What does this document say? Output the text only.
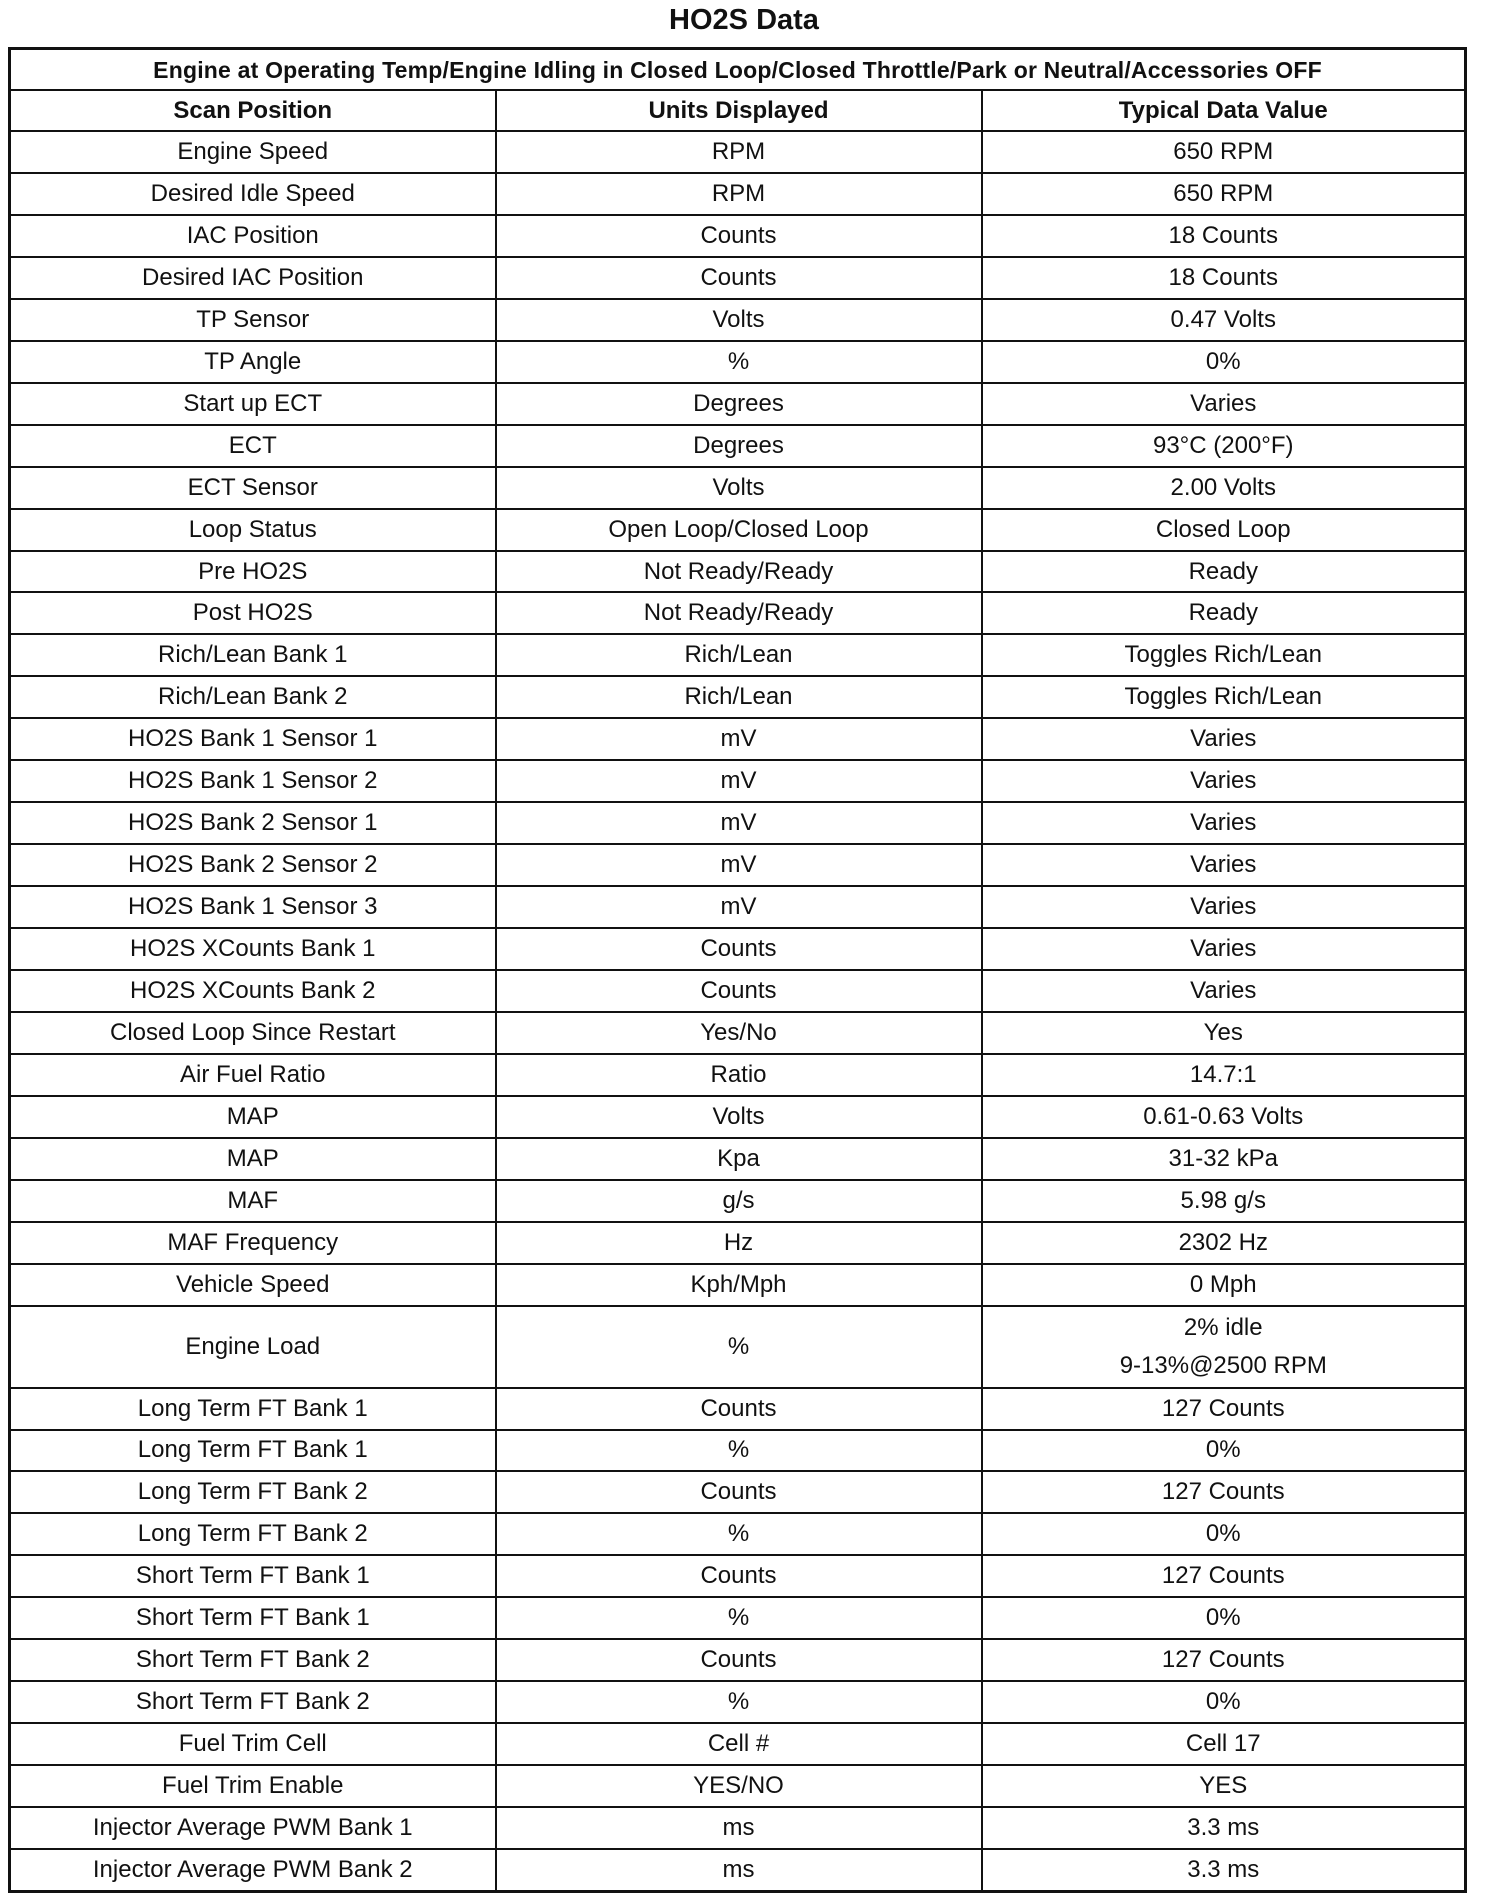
HO2S Data
Engine at Operating Temp/Engine Idling in Closed Loop/Closed Throttle/Park or Neutral/Accessories OFF		
Scan Position	Units Displayed	Typical Data Value
Engine Speed	RPM	650 RPM
Desired Idle Speed	RPM	650 RPM
IAC Position	Counts	18 Counts
Desired IAC Position	Counts	18 Counts
TP Sensor	Volts	0.47 Volts
TP Angle	%	0%
Start up ECT	Degrees	Varies
ECT	Degrees	93°C (200°F)
ECT Sensor	Volts	2.00 Volts
Loop Status	Open Loop/Closed Loop	Closed Loop
Pre HO2S	Not Ready/Ready	Ready
Post HO2S	Not Ready/Ready	Ready
Rich/Lean Bank 1	Rich/Lean	Toggles Rich/Lean
Rich/Lean Bank 2	Rich/Lean	Toggles Rich/Lean
HO2S Bank 1 Sensor 1	mV	Varies
HO2S Bank 1 Sensor 2	mV	Varies
HO2S Bank 2 Sensor 1	mV	Varies
HO2S Bank 2 Sensor 2	mV	Varies
HO2S Bank 1 Sensor 3	mV	Varies
HO2S XCounts Bank 1	Counts	Varies
HO2S XCounts Bank 2	Counts	Varies
Closed Loop Since Restart	Yes/No	Yes
Air Fuel Ratio	Ratio	14.7:1
MAP	Volts	0.61-0.63 Volts
MAP	Kpa	31-32 kPa
MAF	g/s	5.98 g/s
MAF Frequency	Hz	2302 Hz
Vehicle Speed	Kph/Mph	0 Mph
Engine Load	%	2% idle
9-13%@2500 RPM

Long Term FT Bank 1	Counts	127 Counts
Long Term FT Bank 1	%	0%
Long Term FT Bank 2	Counts	127 Counts
Long Term FT Bank 2	%	0%
Short Term FT Bank 1	Counts	127 Counts
Short Term FT Bank 1	%	0%
Short Term FT Bank 2	Counts	127 Counts
Short Term FT Bank 2	%	0%
Fuel Trim Cell	Cell #	Cell 17
Fuel Trim Enable	YES/NO	YES
Injector Average PWM Bank 1	ms	3.3 ms
Injector Average PWM Bank 2	ms	3.3 ms
